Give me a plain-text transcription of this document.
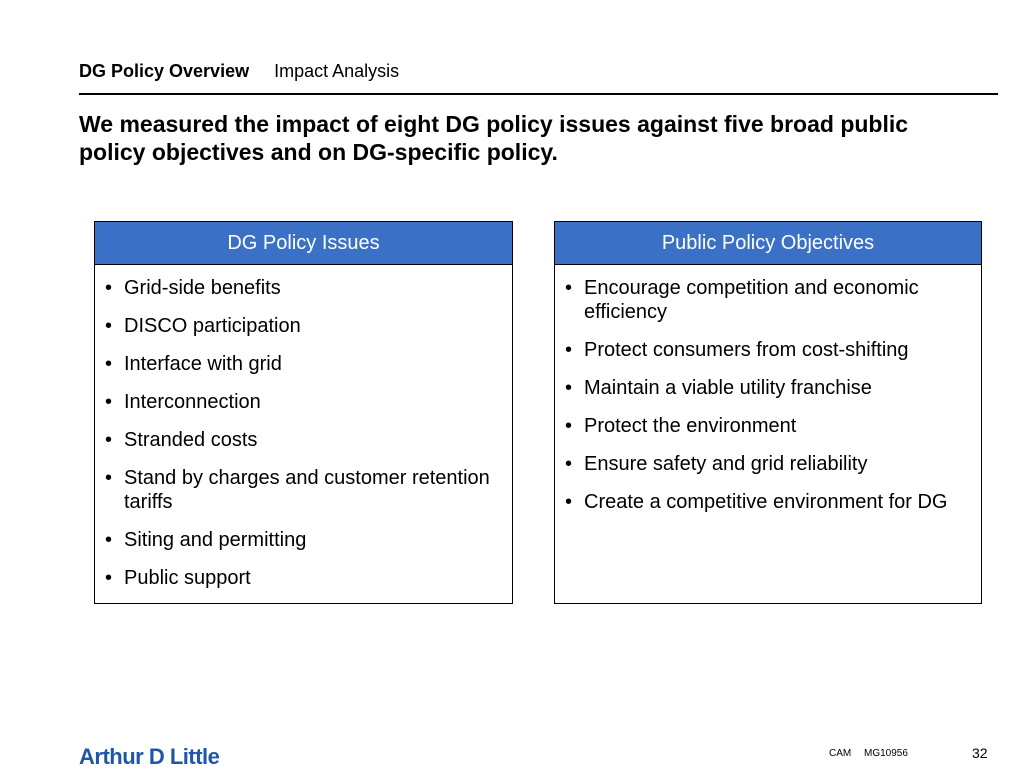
DG Policy Overview Impact Analysis
We measured the impact of eight DG policy issues against five broad public policy objectives and on DG-specific policy.
DG Policy Issues
• Grid-side benefits
• DISCO participation
• Interface with grid
• Interconnection
• Stranded costs
• Stand by charges and customer retention tariffs
• Siting and permitting
• Public support
Public Policy Objectives
• Encourage competition and economic efficiency
• Protect consumers from cost-shifting
• Maintain a viable utility franchise
• Protect the environment
• Ensure safety and grid reliability
• Create a competitive environment for DG
Arthur D Little	CAM MG10956	32
